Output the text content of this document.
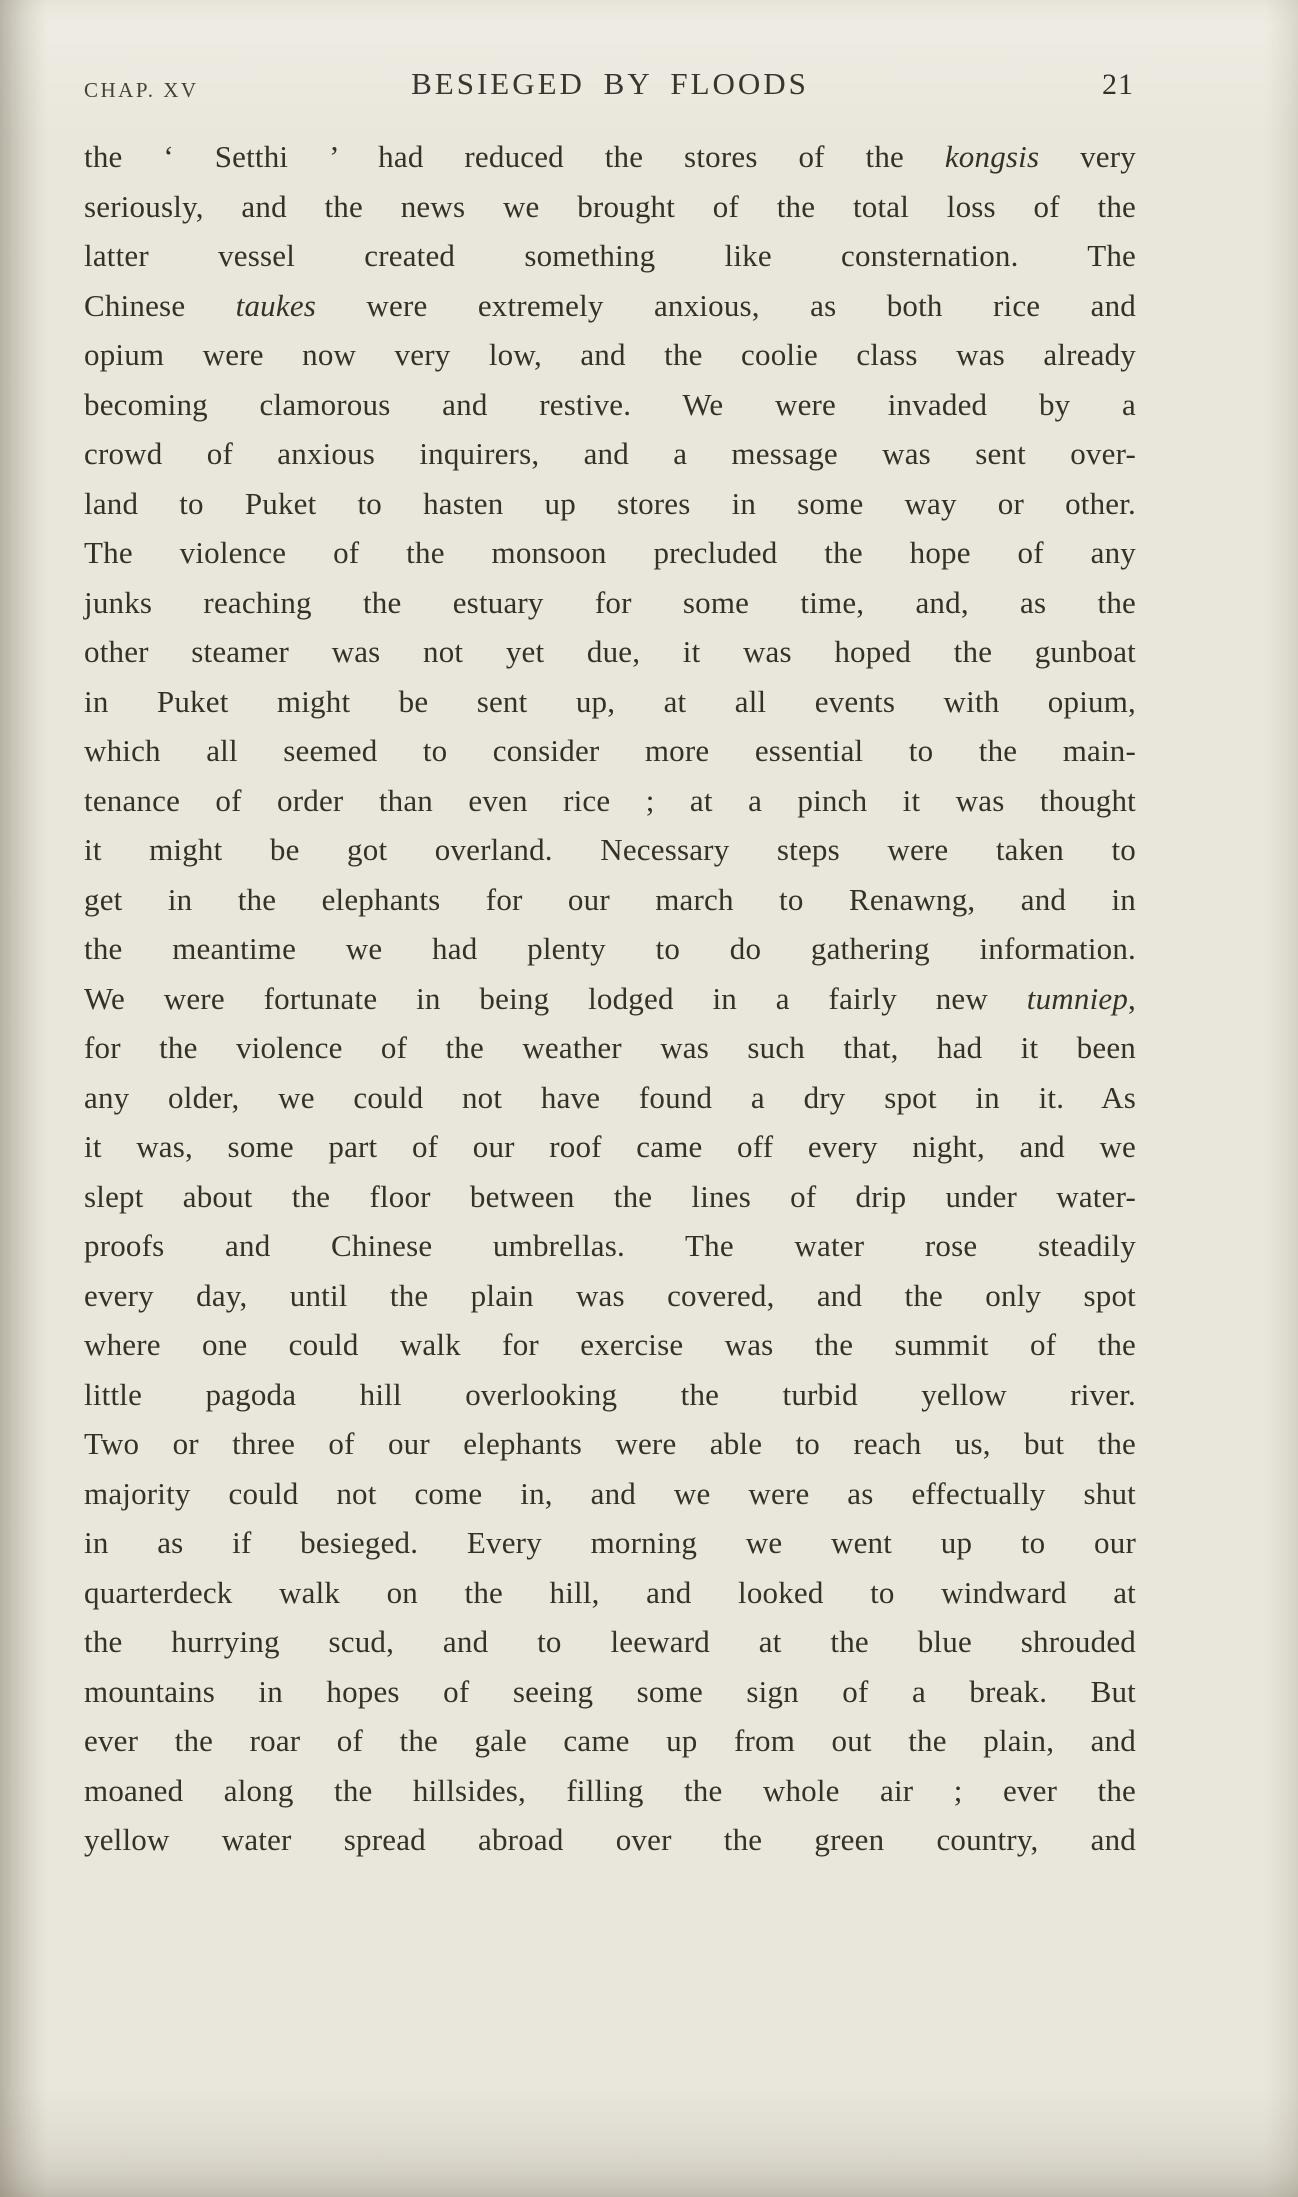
CHAP. XV	BESIEGED BY FLOODS	21
the ‘ Setthi ’ had reduced the stores of the kongsis very
seriously, and the news we brought of the total loss of the
latter vessel created something like consternation. The
Chinese taukes were extremely anxious, as both rice and
opium were now very low, and the coolie class was already
becoming clamorous and restive. We were invaded by a
crowd of anxious inquirers, and a message was sent over-
land to Puket to hasten up stores in some way or other.
The violence of the monsoon precluded the hope of any
junks reaching the estuary for some time, and, as the
other steamer was not yet due, it was hoped the gunboat
in Puket might be sent up, at all events with opium,
which all seemed to consider more essential to the main-
tenance of order than even rice ; at a pinch it was thought
it might be got overland. Necessary steps were taken to
get in the elephants for our march to Renawng, and in
the meantime we had plenty to do gathering information.
We were fortunate in being lodged in a fairly new tumniep,
for the violence of the weather was such that, had it been
any older, we could not have found a dry spot in it. As
it was, some part of our roof came off every night, and we
slept about the floor between the lines of drip under water-
proofs and Chinese umbrellas. The water rose steadily
every day, until the plain was covered, and the only spot
where one could walk for exercise was the summit of the
little pagoda hill overlooking the turbid yellow river.
Two or three of our elephants were able to reach us, but the
majority could not come in, and we were as effectually shut
in as if besieged. Every morning we went up to our
quarterdeck walk on the hill, and looked to windward at
the hurrying scud, and to leeward at the blue shrouded
mountains in hopes of seeing some sign of a break. But
ever the roar of the gale came up from out the plain, and
moaned along the hillsides, filling the whole air ; ever the
yellow water spread abroad over the green country, and
